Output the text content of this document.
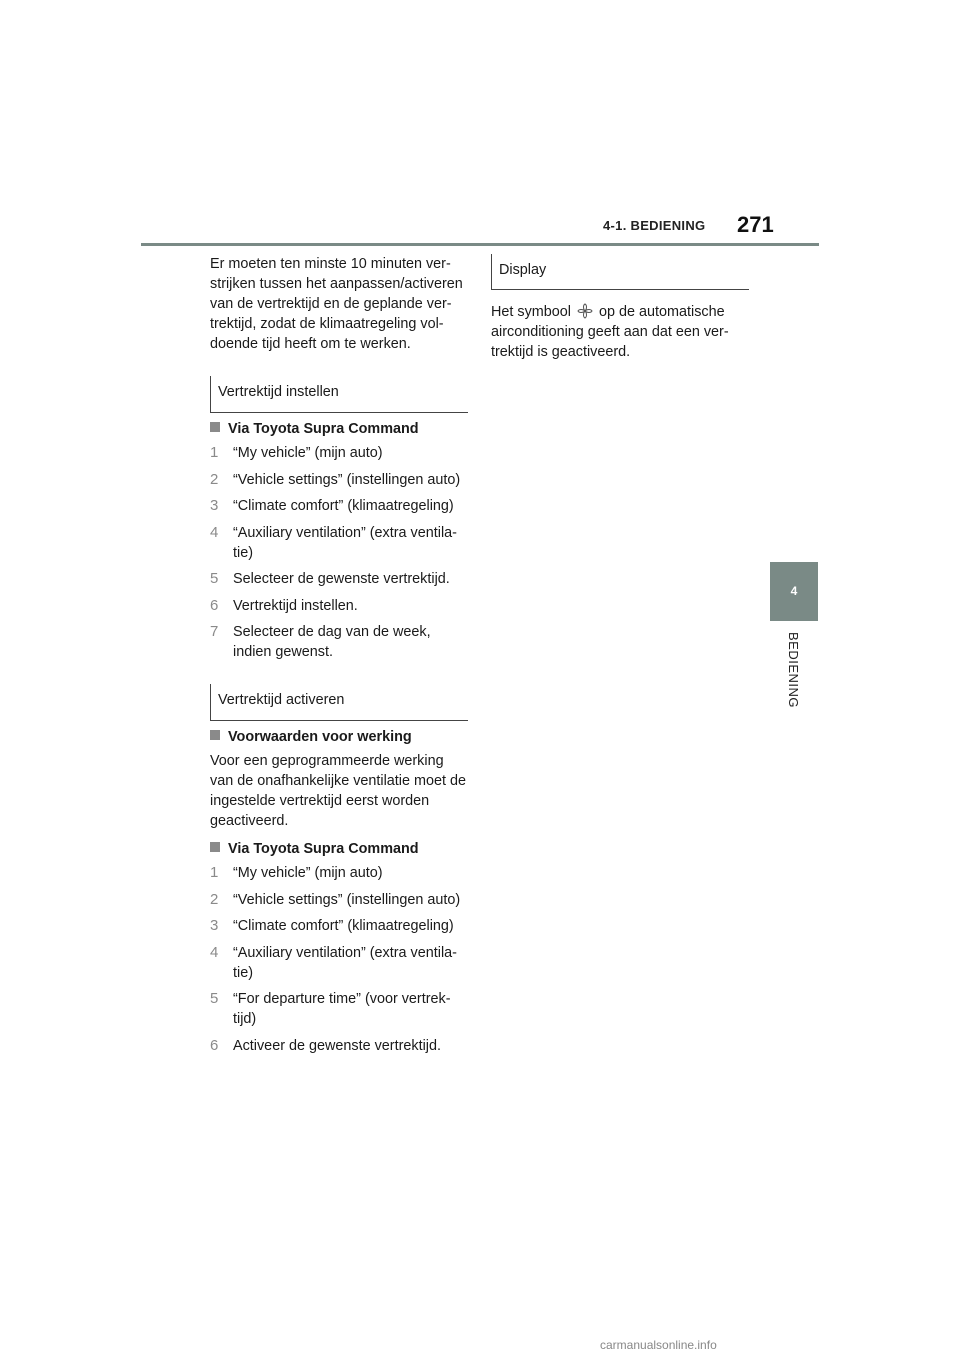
4-1. BEDIENING 271
4
BEDIENING

Er moeten ten minste 10 minuten ver-strijken tussen het aanpassen/activeren van de vertrektijd en de geplande ver-trektijd, zodat de klimaatregeling vol-doende tijd heeft om te werken.

Vertrektijd instellen
Via Toyota Supra Command
1 “My vehicle” (mijn auto)
2 “Vehicle settings” (instellingen auto)
3 “Climate comfort” (klimaatregeling)
4 “Auxiliary ventilation” (extra ventila-tie)
5 Selecteer de gewenste vertrektijd.
6 Vertrektijd instellen.
7 Selecteer de dag van de week, indien gewenst.
Vertrektijd activeren
Voorwaarden voor werking

Voor een geprogrammeerde werking van de onafhankelijke ventilatie moet de ingestelde vertrektijd eerst worden geactiveerd.

Via Toyota Supra Command
1 “My vehicle” (mijn auto)
2 “Vehicle settings” (instellingen auto)
3 “Climate comfort” (klimaatregeling)
4 “Auxiliary ventilation” (extra ventila-tie)
5 “For departure time” (voor vertrek-tijd)
6 Activeer de gewenste vertrektijd.
Display

Het symbool op de automatische airconditioning geeft aan dat een ver-trektijd is geactiveerd.

carmanualsonline.info
